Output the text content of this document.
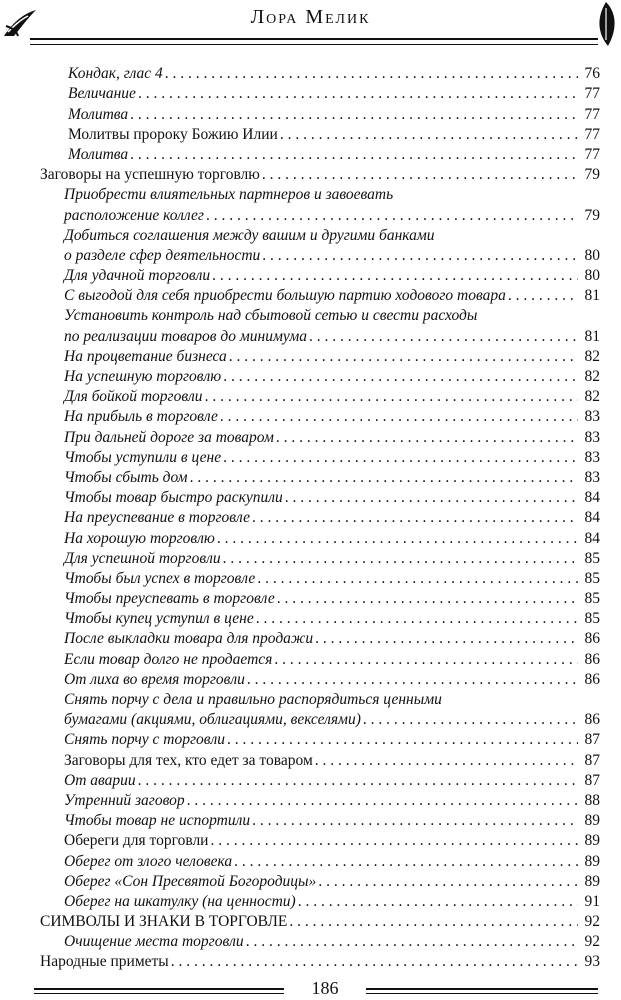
Лора Мелик
Кондак, глас 4 . . .	76
Величание . . .	77
Молитва . . .	77
Молитвы пророку Божию Илии . . .	77
Молитва . . .	77
Заговоры на успешную торговлю . . .	79
Приобрести влиятельных партнеров и завоевать
расположение коллег . . .	79
Добиться соглашения между вашим и другими банками
о разделе сфер деятельности . . .	80
Для удачной торговли . . .	80
С выгодой для себя приобрести большую партию ходового товара . . .	81
Установить контроль над сбытовой сетью и свести расходы
по реализации товаров до минимума . . .	81
На процветание бизнеса . . .	82
На успешную торговлю . . .	82
Для бойкой торговли . . .	82
На прибыль в торговле . . .	83
При дальней дороге за товаром . . .	83
Чтобы уступили в цене . . .	83
Чтобы сбыть дом . . .	83
Чтобы товар быстро раскупили . . .	84
На преуспевание в торговле . . .	84
На хорошую торговлю . . .	84
Для успешной торговли . . .	85
Чтобы был успех в торговле . . .	85
Чтобы преуспевать в торговле . . .	85
Чтобы купец уступил в цене . . .	85
После выкладки товара для продажи . . .	86
Если товар долго не продается . . .	86
От лиха во время торговли . . .	86
Снять порчу с дела и правильно распорядиться ценными
бумагами (акциями, облигациями, векселями) . . .	86
Снять порчу с торговли . . .	87
Заговоры для тех, кто едет за товаром . . .	87
От аварии . . .	87
Утренний заговор . . .	88
Чтобы товар не испортили . . .	89
Обереги для торговли . . .	89
Оберег от злого человека . . .	89
Оберег «Сон Пресвятой Богородицы» . . .	89
Оберег на шкатулку (на ценности) . . .	91
СИМВОЛЫ И ЗНАКИ В ТОРГОВЛЕ . . .	92
Очищение места торговли . . .	92
Народные приметы . . .	93
186
